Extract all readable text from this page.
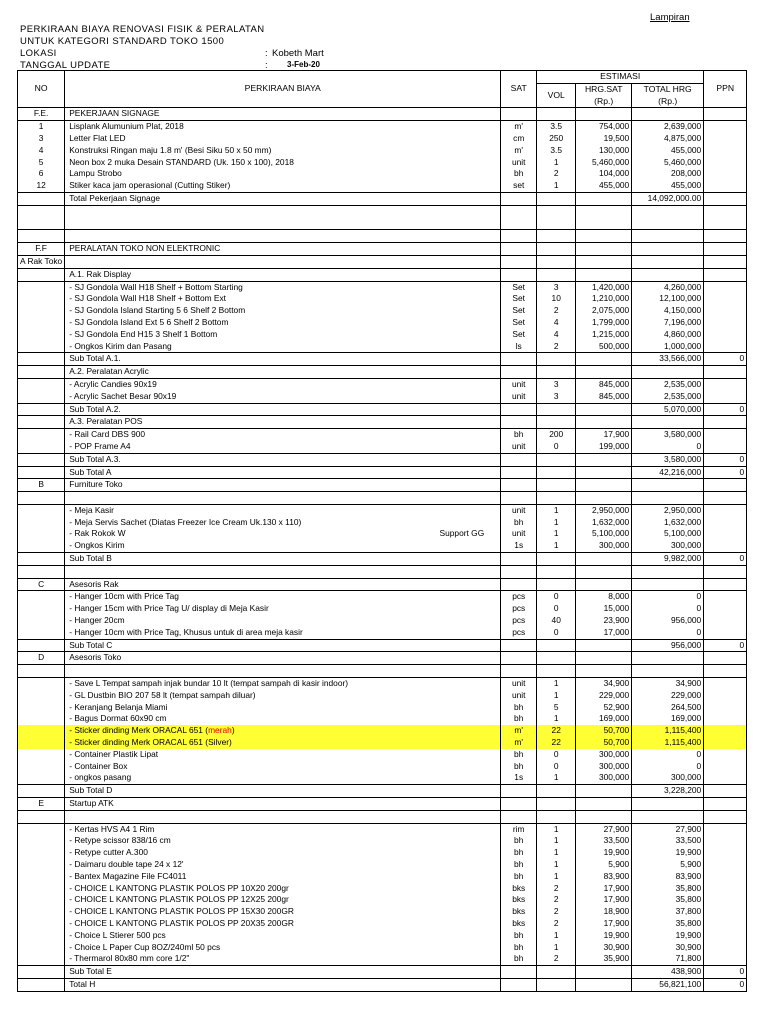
Lampiran
PERKIRAAN BIAYA RENOVASI FISIK & PERALATAN
UNTUK KATEGORI STANDARD TOKO 1500
LOKASI	: Kobeth Mart
TANGGAL UPDATE	: 3-Feb-20
NO	PERKIRAAN BIAYA	SAT	ESTIMASI			PPN
			VOL	HRG.SAT	TOTAL HRG	
				(Rp.)	(Rp.)	
F.E.	PEKERJAAN SIGNAGE					
1	Lisplank Alumunium Plat, 2018	m'	3.5	754,000	2,639,000	
3	Letter Flat LED	cm	250	19,500	4,875,000	
4	Konstruksi Ringan maju 1.8 m' (Besi Siku 50 x 50 mm)	m'	3.5	130,000	455,000	
5	Neon box 2 muka Desain STANDARD (Uk. 150 x 100), 2018	unit	1	5,460,000	5,460,000	
6	Lampu Strobo	bh	2	104,000	208,000	
12	Stiker kaca jam operasional (Cutting Stiker)	set	1	455,000	455,000	
	Total Pekerjaan Signage				14,092,000.00	

F.F	PERALATAN TOKO NON ELEKTRONIC					
A Rak Toko						
	A.1. Rak Display					
	- SJ Gondola Wall H18 Shelf + Bottom Starting	Set	3	1,420,000	4,260,000	
	- SJ Gondola Wall H18 Shelf + Bottom Ext	Set	10	1,210,000	12,100,000	
	- SJ Gondola Island Starting 5 6 Shelf 2 Bottom	Set	2	2,075,000	4,150,000	
	- SJ Gondola Island Ext 5 6 Shelf 2 Bottom	Set	4	1,799,000	7,196,000	
	- SJ Gondola End H15 3 Shelf 1 Bottom	Set	4	1,215,000	4,860,000	
	- Ongkos Kirim dan Pasang	ls	2	500,000	1,000,000	
	Sub Total A.1.				33,566,000	0
	A.2. Peralatan Acrylic					
	- Acrylic Candies 90x19	unit	3	845,000	2,535,000	
	- Acrylic Sachet Besar 90x19	unit	3	845,000	2,535,000	
	Sub Total A.2.				5,070,000	0
	A.3. Peralatan POS					
	- Rail Card DBS 900	bh	200	17,900	3,580,000	
	- POP Frame A4	unit	0	199,000	0	
	Sub Total A.3.				3,580,000	0
	Sub Total A				42,216,000	0
B	Furniture Toko					

	- Meja Kasir	unit	1	2,950,000	2,950,000	
	- Meja Servis Sachet (Diatas Freezer Ice Cream Uk.130 x 110)	bh	1	1,632,000	1,632,000	
	- Rak Rokok W Support GG	unit	1	5,100,000	5,100,000	
	- Ongkos Kirim	1s	1	300,000	300,000	
	Sub Total B				9,982,000	0

C	Asesoris Rak					
	- Hanger 10cm with Price Tag	pcs	0	8,000	0	
	- Hanger 15cm with Price Tag U/ display di Meja Kasir	pcs	0	15,000	0	
	- Hanger 20cm	pcs	40	23,900	956,000	
	- Hanger 10cm with Price Tag, Khusus untuk di area meja kasir	pcs	0	17,000	0	
	Sub Total C				956,000	0
D	Asesoris Toko					

	- Save L Tempat sampah injak bundar 10 lt (tempat sampah di kasir indoor)	unit	1	34,900	34,900	
	- GL Dustbin BIO 207 58 lt (tempat sampah diluar)	unit	1	229,000	229,000	
	- Keranjang Belanja Miami	bh	5	52,900	264,500	
	- Bagus Dormat 60x90 cm	bh	1	169,000	169,000	
	- Sticker dinding Merk ORACAL 651 (merah)	m'	22	50,700	1,115,400	
	- Sticker dinding Merk ORACAL 651 (Silver)	m'	22	50,700	1,115,400	
	- Container Plastik Lipat	bh	0	300,000	0	
	- Container Box	bh	0	300,000	0	
	- ongkos pasang	1s	1	300,000	300,000	
	Sub Total D				3,228,200	
E	Startup ATK					

	- Kertas HVS A4 1 Rim	rim	1	27,900	27,900	
	- Retype scissor 838/16 cm	bh	1	33,500	33,500	
	- Retype cutter A.300	bh	1	19,900	19,900	
	- Daimaru double tape 24 x 12'	bh	1	5,900	5,900	
	- Bantex Magazine File FC4011	bh	1	83,900	83,900	
	- CHOICE L KANTONG PLASTIK POLOS PP 10X20 200gr	bks	2	17,900	35,800	
	- CHOICE L KANTONG PLASTIK POLOS PP 12X25 200gr	bks	2	17,900	35,800	
	- CHOICE L KANTONG PLASTIK POLOS PP 15X30 200GR	bks	2	18,900	37,800	
	- CHOICE L KANTONG PLASTIK POLOS PP 20X35 200GR	bks	2	17,900	35,800	
	- Choice L Stierer 500 pcs	bh	1	19,900	19,900	
	- Choice L Paper Cup 8OZ/240ml 50 pcs	bh	1	30,900	30,900	
	- Thermarol 80x80 mm core 1/2"	bh	2	35,900	71,800	
	Sub Total E				438,900	0
	Total H				56,821,100	0
